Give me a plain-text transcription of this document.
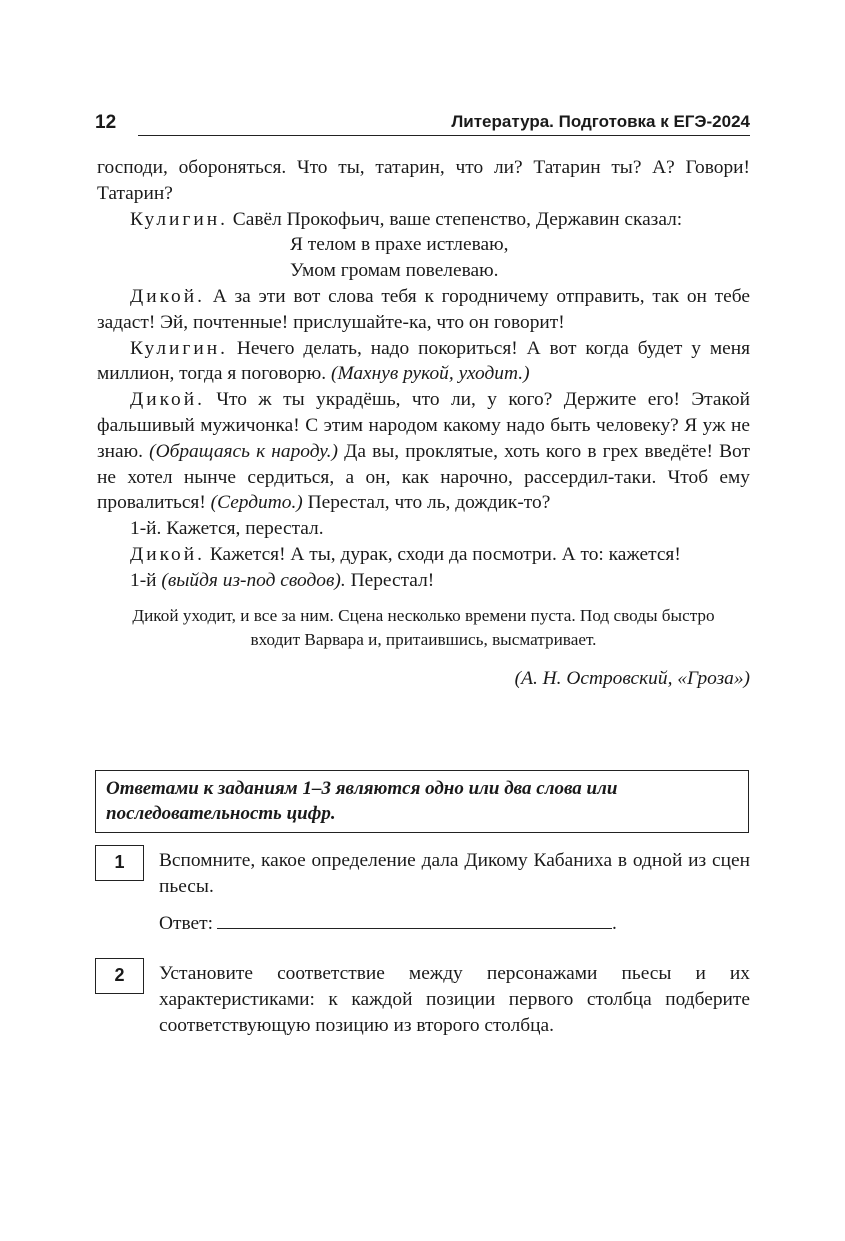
12	Литература. Подготовка к ЕГЭ-2024

господи, обороняться. Что ты, татарин, что ли? Татарин ты? А? Говори! Татарин?

Кулигин. Савёл Прокофьич, ваше степенство, Державин сказал:

Я телом в прахе истлеваю,

Умом громам повелеваю.

Дикой. А за эти вот слова тебя к городничему отправить, так он тебе задаст! Эй, почтенные! прислушайте-ка, что он говорит!

Кулигин. Нечего делать, надо покориться! А вот когда будет у меня миллион, тогда я поговорю. (Махнув рукой, уходит.)

Дикой. Что ж ты украдёшь, что ли, у кого? Держите его! Этакой фальшивый мужичонка! С этим народом какому надо быть человеку? Я уж не знаю. (Обращаясь к народу.) Да вы, проклятые, хоть кого в грех введёте! Вот не хотел нынче сердиться, а он, как нарочно, рассердил-таки. Чтоб ему провалиться! (Сердито.) Перестал, что ль, дождик-то?

1-й. Кажется, перестал.

Дикой. Кажется! А ты, дурак, сходи да посмотри. А то: кажется!

1-й (выйдя из-под сводов). Перестал!

Дикой уходит, и все за ним. Сцена несколько времени пуста. Под своды быстро входит Варвара и, притаившись, высматривает.

(А. Н. Островский, «Гроза»)

Ответами к заданиям 1–3 являются одно или два слова или последовательность цифр.
1	Вспомните, какое определение дала Дикому Кабаниха в одной из сцен пьесы.
Ответ:	.
2	Установите соответствие между персонажами пьесы и их характеристиками: к каждой позиции первого столбца подберите соответствующую позицию из второго столбца.
